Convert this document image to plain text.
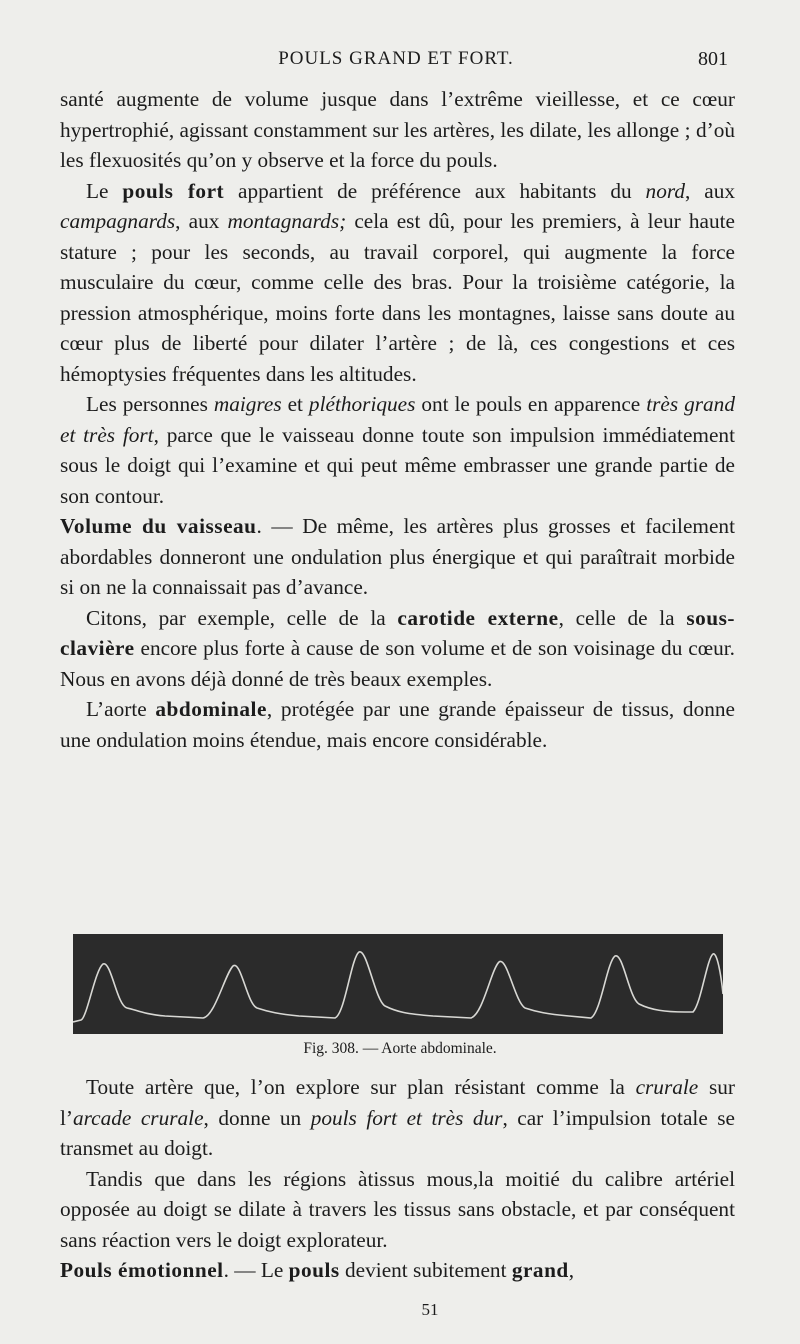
POULS GRAND ET FORT.	801

santé augmente de volume jusque dans l’extrême vieillesse, et ce cœur hypertrophié, agissant constamment sur les artères, les dilate, les allonge ; d’où les flexuosités qu’on y observe et la force du pouls.

Le pouls fort appartient de préférence aux habitants du nord, aux campagnards, aux montagnards; cela est dû, pour les premiers, à leur haute stature ; pour les seconds, au travail corporel, qui augmente la force musculaire du cœur, comme celle des bras. Pour la troisième catégorie, la pression atmosphérique, moins forte dans les montagnes, laisse sans doute au cœur plus de liberté pour dilater l’artère ; de là, ces congestions et ces hémoptysies fréquentes dans les altitudes.

Les personnes maigres et pléthoriques ont le pouls en apparence très grand et très fort, parce que le vaisseau donne toute son impulsion immédiatement sous le doigt qui l’examine et qui peut même embrasser une grande partie de son contour.

Volume du vaisseau. — De même, les artères plus grosses et facilement abordables donneront une ondulation plus énergique et qui paraîtrait morbide si on ne la connaissait pas d’avance.

Citons, par exemple, celle de la carotide externe, celle de la sous-clavière encore plus forte à cause de son volume et de son voisinage du cœur. Nous en avons déjà donné de très beaux exemples.

L’aorte abdominale, protégée par une grande épaisseur de tissus, donne une ondulation moins étendue, mais encore considérable.

Fig. 308. — Aorte abdominale.

Toute artère que, l’on explore sur plan résistant comme la crurale sur l’arcade crurale, donne un pouls fort et très dur, car l’impulsion totale se transmet au doigt.

Tandis que dans les régions àtissus mous,la moitié du calibre artériel opposée au doigt se dilate à travers les tissus sans obstacle, et par conséquent sans réaction vers le doigt explorateur.

Pouls émotionnel. — Le pouls devient subitement grand,

51
